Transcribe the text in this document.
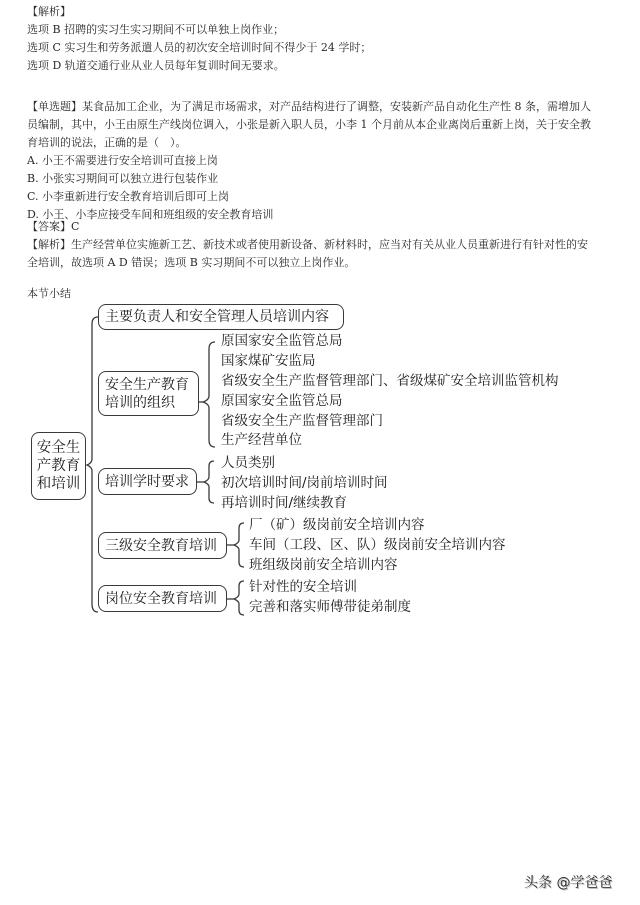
【解析】
选项 B 招聘的实习生实习期间不可以单独上岗作业；
选项 C 实习生和劳务派遣人员的初次安全培训时间不得少于 24 学时；
选项 D 轨道交通行业从业人员每年复训时间无要求。
【单选题】某食品加工企业，为了满足市场需求，对产品结构进行了调整，安装新产品自动化生产性 8 条，需增加人
员编制，其中，小王由原生产线岗位调入，小张是新入职人员，小李 1 个月前从本企业离岗后重新上岗，关于安全教
育培训的说法，正确的是（　）。
A. 小王不需要进行安全培训可直接上岗
B. 小张实习期间可以独立进行包装作业
C. 小李重新进行安全教育培训后即可上岗
D. 小王、小李应接受车间和班组级的安全教育培训
【答案】C
【解析】生产经营单位实施新工艺、新技术或者使用新设备、新材料时，应当对有关从业人员重新进行有针对性的安
全培训，故选项 A D 错误；选项 B 实习期间不可以独立上岗作业。
本节小结
安全生
产教育
和培训
主要负责人和安全管理人员培训内容
安全生产教育
培训的组织
原国家安全监管总局
国家煤矿安监局
省级安全生产监督管理部门、省级煤矿安全培训监管机构
原国家安全监管总局
省级安全生产监督管理部门
生产经营单位
培训学时要求
人员类别
初次培训时间/岗前培训时间
再培训时间/继续教育
三级安全教育培训
厂（矿）级岗前安全培训内容
车间（工段、区、队）级岗前安全培训内容
班组级岗前安全培训内容
岗位安全教育培训
针对性的安全培训
完善和落实师傅带徒弟制度
头条 @学爸爸
